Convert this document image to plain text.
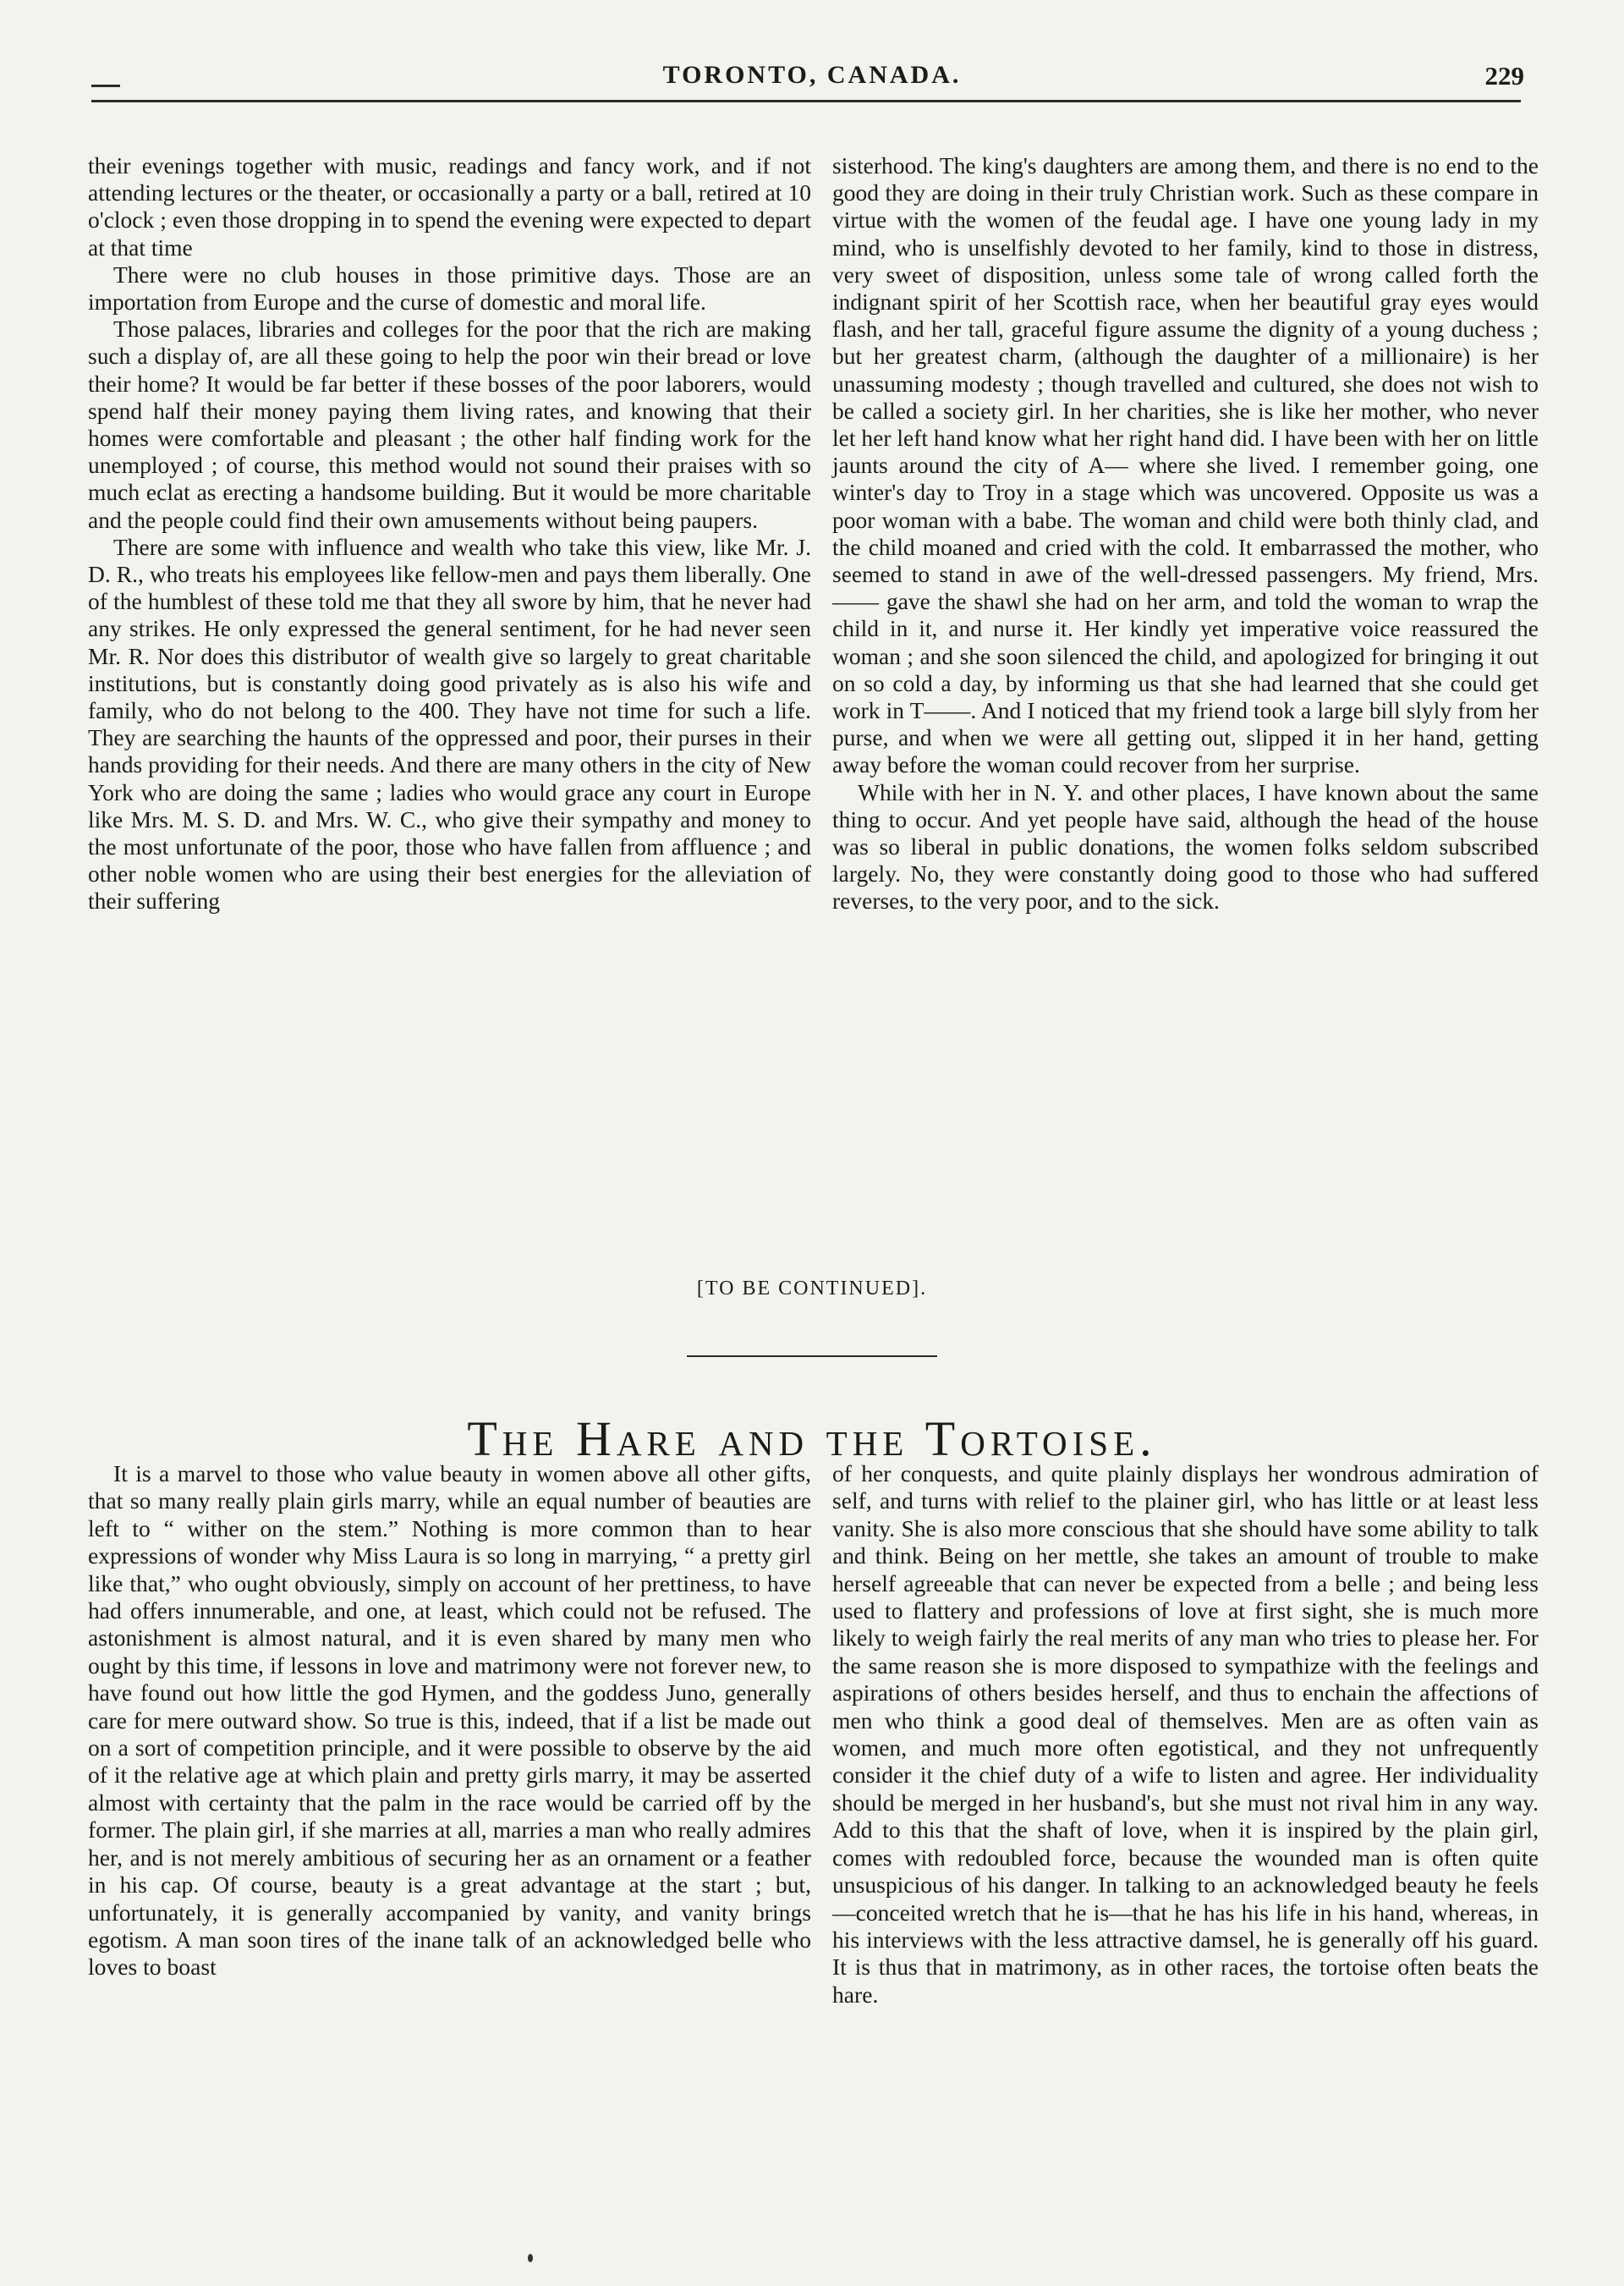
TORONTO, CANADA.	229

their evenings together with music, readings and fancy work, and if not attending lectures or the theater, or occasionally a party or a ball, retired at 10 o'clock ; even those dropping in to spend the evening were expected to depart at that time

There were no club houses in those primitive days. Those are an importation from Europe and the curse of domestic and moral life.

Those palaces, libraries and colleges for the poor that the rich are making such a display of, are all these going to help the poor win their bread or love their home? It would be far better if these bosses of the poor laborers, would spend half their money paying them living rates, and knowing that their homes were comfortable and pleasant ; the other half finding work for the unemployed ; of course, this method would not sound their praises with so much eclat as erecting a handsome building. But it would be more charitable and the people could find their own amusements without being paupers.

There are some with influence and wealth who take this view, like Mr. J. D. R., who treats his employees like fellow-men and pays them liberally. One of the humblest of these told me that they all swore by him, that he never had any strikes. He only expressed the general sentiment, for he had never seen Mr. R. Nor does this distributor of wealth give so largely to great charitable institutions, but is constantly doing good privately as is also his wife and family, who do not belong to the 400. They have not time for such a life. They are searching the haunts of the oppressed and poor, their purses in their hands providing for their needs. And there are many others in the city of New York who are doing the same ; ladies who would grace any court in Europe like Mrs. M. S. D. and Mrs. W. C., who give their sympathy and money to the most unfortunate of the poor, those who have fallen from affluence ; and other noble women who are using their best energies for the alleviation of their suffering

sisterhood. The king's daughters are among them, and there is no end to the good they are doing in their truly Christian work. Such as these compare in virtue with the women of the feudal age. I have one young lady in my mind, who is unselfishly devoted to her family, kind to those in distress, very sweet of disposition, unless some tale of wrong called forth the indignant spirit of her Scottish race, when her beautiful gray eyes would flash, and her tall, graceful figure assume the dignity of a young duchess ; but her greatest charm, (although the daughter of a millionaire) is her unassuming modesty ; though travelled and cultured, she does not wish to be called a society girl. In her charities, she is like her mother, who never let her left hand know what her right hand did. I have been with her on little jaunts around the city of A— where she lived. I remember going, one winter's day to Troy in a stage which was uncovered. Opposite us was a poor woman with a babe. The woman and child were both thinly clad, and the child moaned and cried with the cold. It embarrassed the mother, who seemed to stand in awe of the well-dressed passengers. My friend, Mrs. —— gave the shawl she had on her arm, and told the woman to wrap the child in it, and nurse it. Her kindly yet imperative voice reassured the woman ; and she soon silenced the child, and apologized for bringing it out on so cold a day, by informing us that she had learned that she could get work in T——. And I noticed that my friend took a large bill slyly from her purse, and when we were all getting out, slipped it in her hand, getting away before the woman could recover from her surprise.

While with her in N. Y. and other places, I have known about the same thing to occur. And yet people have said, although the head of the house was so liberal in public donations, the women folks seldom subscribed largely. No, they were constantly doing good to those who had suffered reverses, to the very poor, and to the sick.

[TO BE CONTINUED].
The Hare and the Tortoise.

It is a marvel to those who value beauty in women above all other gifts, that so many really plain girls marry, while an equal number of beauties are left to “ wither on the stem.” Nothing is more common than to hear expressions of wonder why Miss Laura is so long in marrying, “ a pretty girl like that,” who ought obviously, simply on account of her prettiness, to have had offers innumerable, and one, at least, which could not be refused. The astonishment is almost natural, and it is even shared by many men who ought by this time, if lessons in love and matrimony were not forever new, to have found out how little the god Hymen, and the goddess Juno, generally care for mere outward show. So true is this, indeed, that if a list be made out on a sort of competition principle, and it were possible to observe by the aid of it the relative age at which plain and pretty girls marry, it may be asserted almost with certainty that the palm in the race would be carried off by the former. The plain girl, if she marries at all, marries a man who really admires her, and is not merely ambitious of securing her as an ornament or a feather in his cap. Of course, beauty is a great advantage at the start ; but, unfortunately, it is generally accompanied by vanity, and vanity brings egotism. A man soon tires of the inane talk of an acknowledged belle who loves to boast

of her conquests, and quite plainly displays her wondrous admiration of self, and turns with relief to the plainer girl, who has little or at least less vanity. She is also more conscious that she should have some ability to talk and think. Being on her mettle, she takes an amount of trouble to make herself agreeable that can never be expected from a belle ; and being less used to flattery and professions of love at first sight, she is much more likely to weigh fairly the real merits of any man who tries to please her. For the same reason she is more disposed to sympathize with the feelings and aspirations of others besides herself, and thus to enchain the affections of men who think a good deal of themselves. Men are as often vain as women, and much more often egotistical, and they not unfrequently consider it the chief duty of a wife to listen and agree. Her individuality should be merged in her husband's, but she must not rival him in any way. Add to this that the shaft of love, when it is inspired by the plain girl, comes with redoubled force, because the wounded man is often quite unsuspicious of his danger. In talking to an acknowledged beauty he feels—conceited wretch that he is—that he has his life in his hand, whereas, in his interviews with the less attractive damsel, he is generally off his guard. It is thus that in matrimony, as in other races, the tortoise often beats the hare.
